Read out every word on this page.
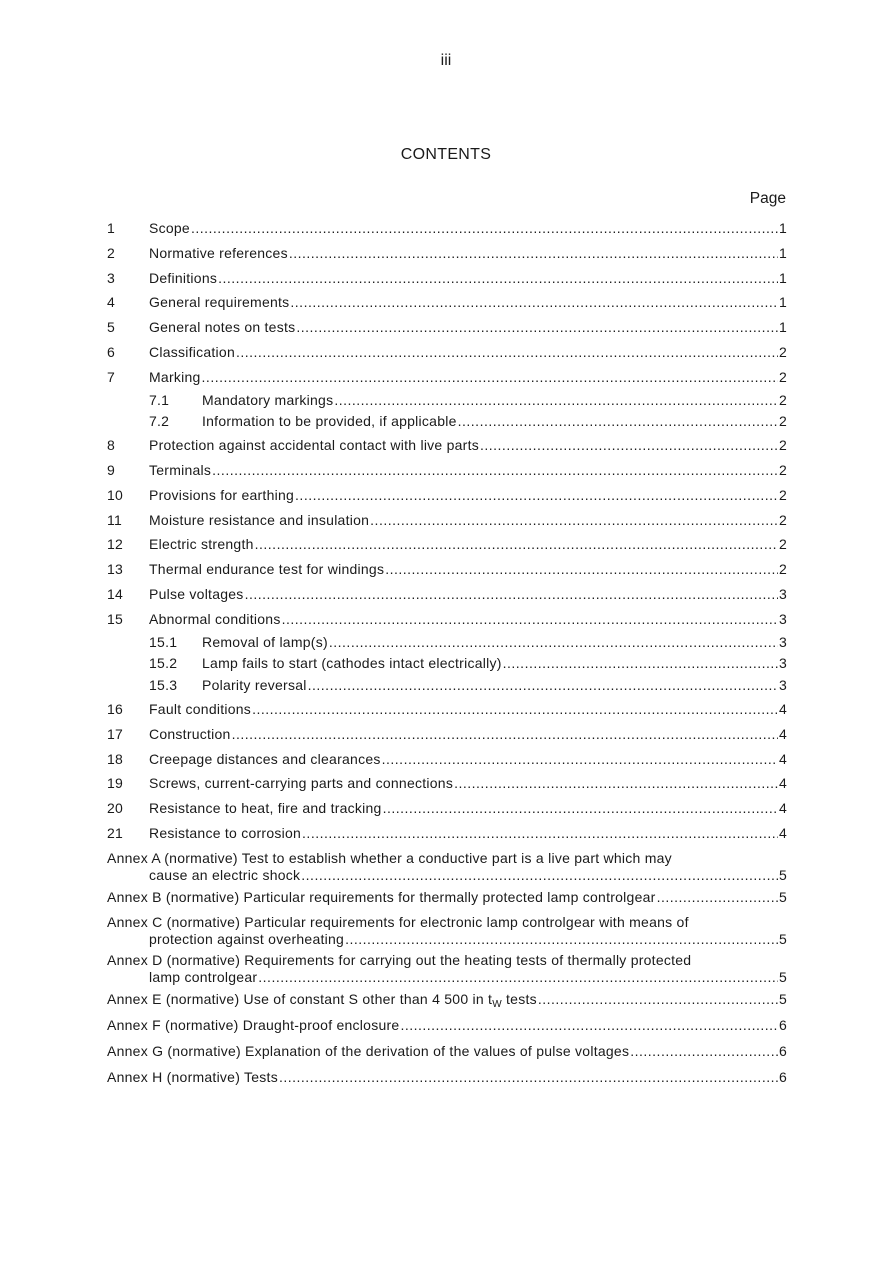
iii
CONTENTS
Page
1	Scope .....	1
2	Normative references .....	1
3	Definitions .....	1
4	General requirements .....	1
5	General notes on tests .....	1
6	Classification .....	2
7	Marking .....	2
7.1	Mandatory markings .....	2
7.2	Information to be provided, if applicable .....	2
8	Protection against accidental contact with live parts .....	2
9	Terminals .....	2
10	Provisions for earthing .....	2
11	Moisture resistance and insulation .....	2
12	Electric strength .....	2
13	Thermal endurance test for windings .....	2
14	Pulse voltages .....	3
15	Abnormal conditions .....	3
15.1	Removal of lamp(s) .....	3
15.2	Lamp fails to start (cathodes intact electrically) .....	3
15.3	Polarity reversal .....	3
16	Fault conditions .....	4
17	Construction .....	4
18	Creepage distances and clearances .....	4
19	Screws, current-carrying parts and connections .....	4
20	Resistance to heat, fire and tracking .....	4
21	Resistance to corrosion .....	4
Annex A (normative) Test to establish whether a conductive part is a live part which may
cause an electric shock .....	5
Annex B (normative) Particular requirements for thermally protected lamp controlgear .....	5
Annex C (normative) Particular requirements for electronic lamp controlgear with means of
protection against overheating .....	5
Annex D (normative) Requirements for carrying out the heating tests of thermally protected
lamp controlgear .....	5
Annex E (normative) Use of constant S other than 4 500 in $t_W$ tests .....	5
Annex F (normative) Draught-proof enclosure .....	6
Annex G (normative) Explanation of the derivation of the values of pulse voltages .....	6
Annex H (normative) Tests .....	6
